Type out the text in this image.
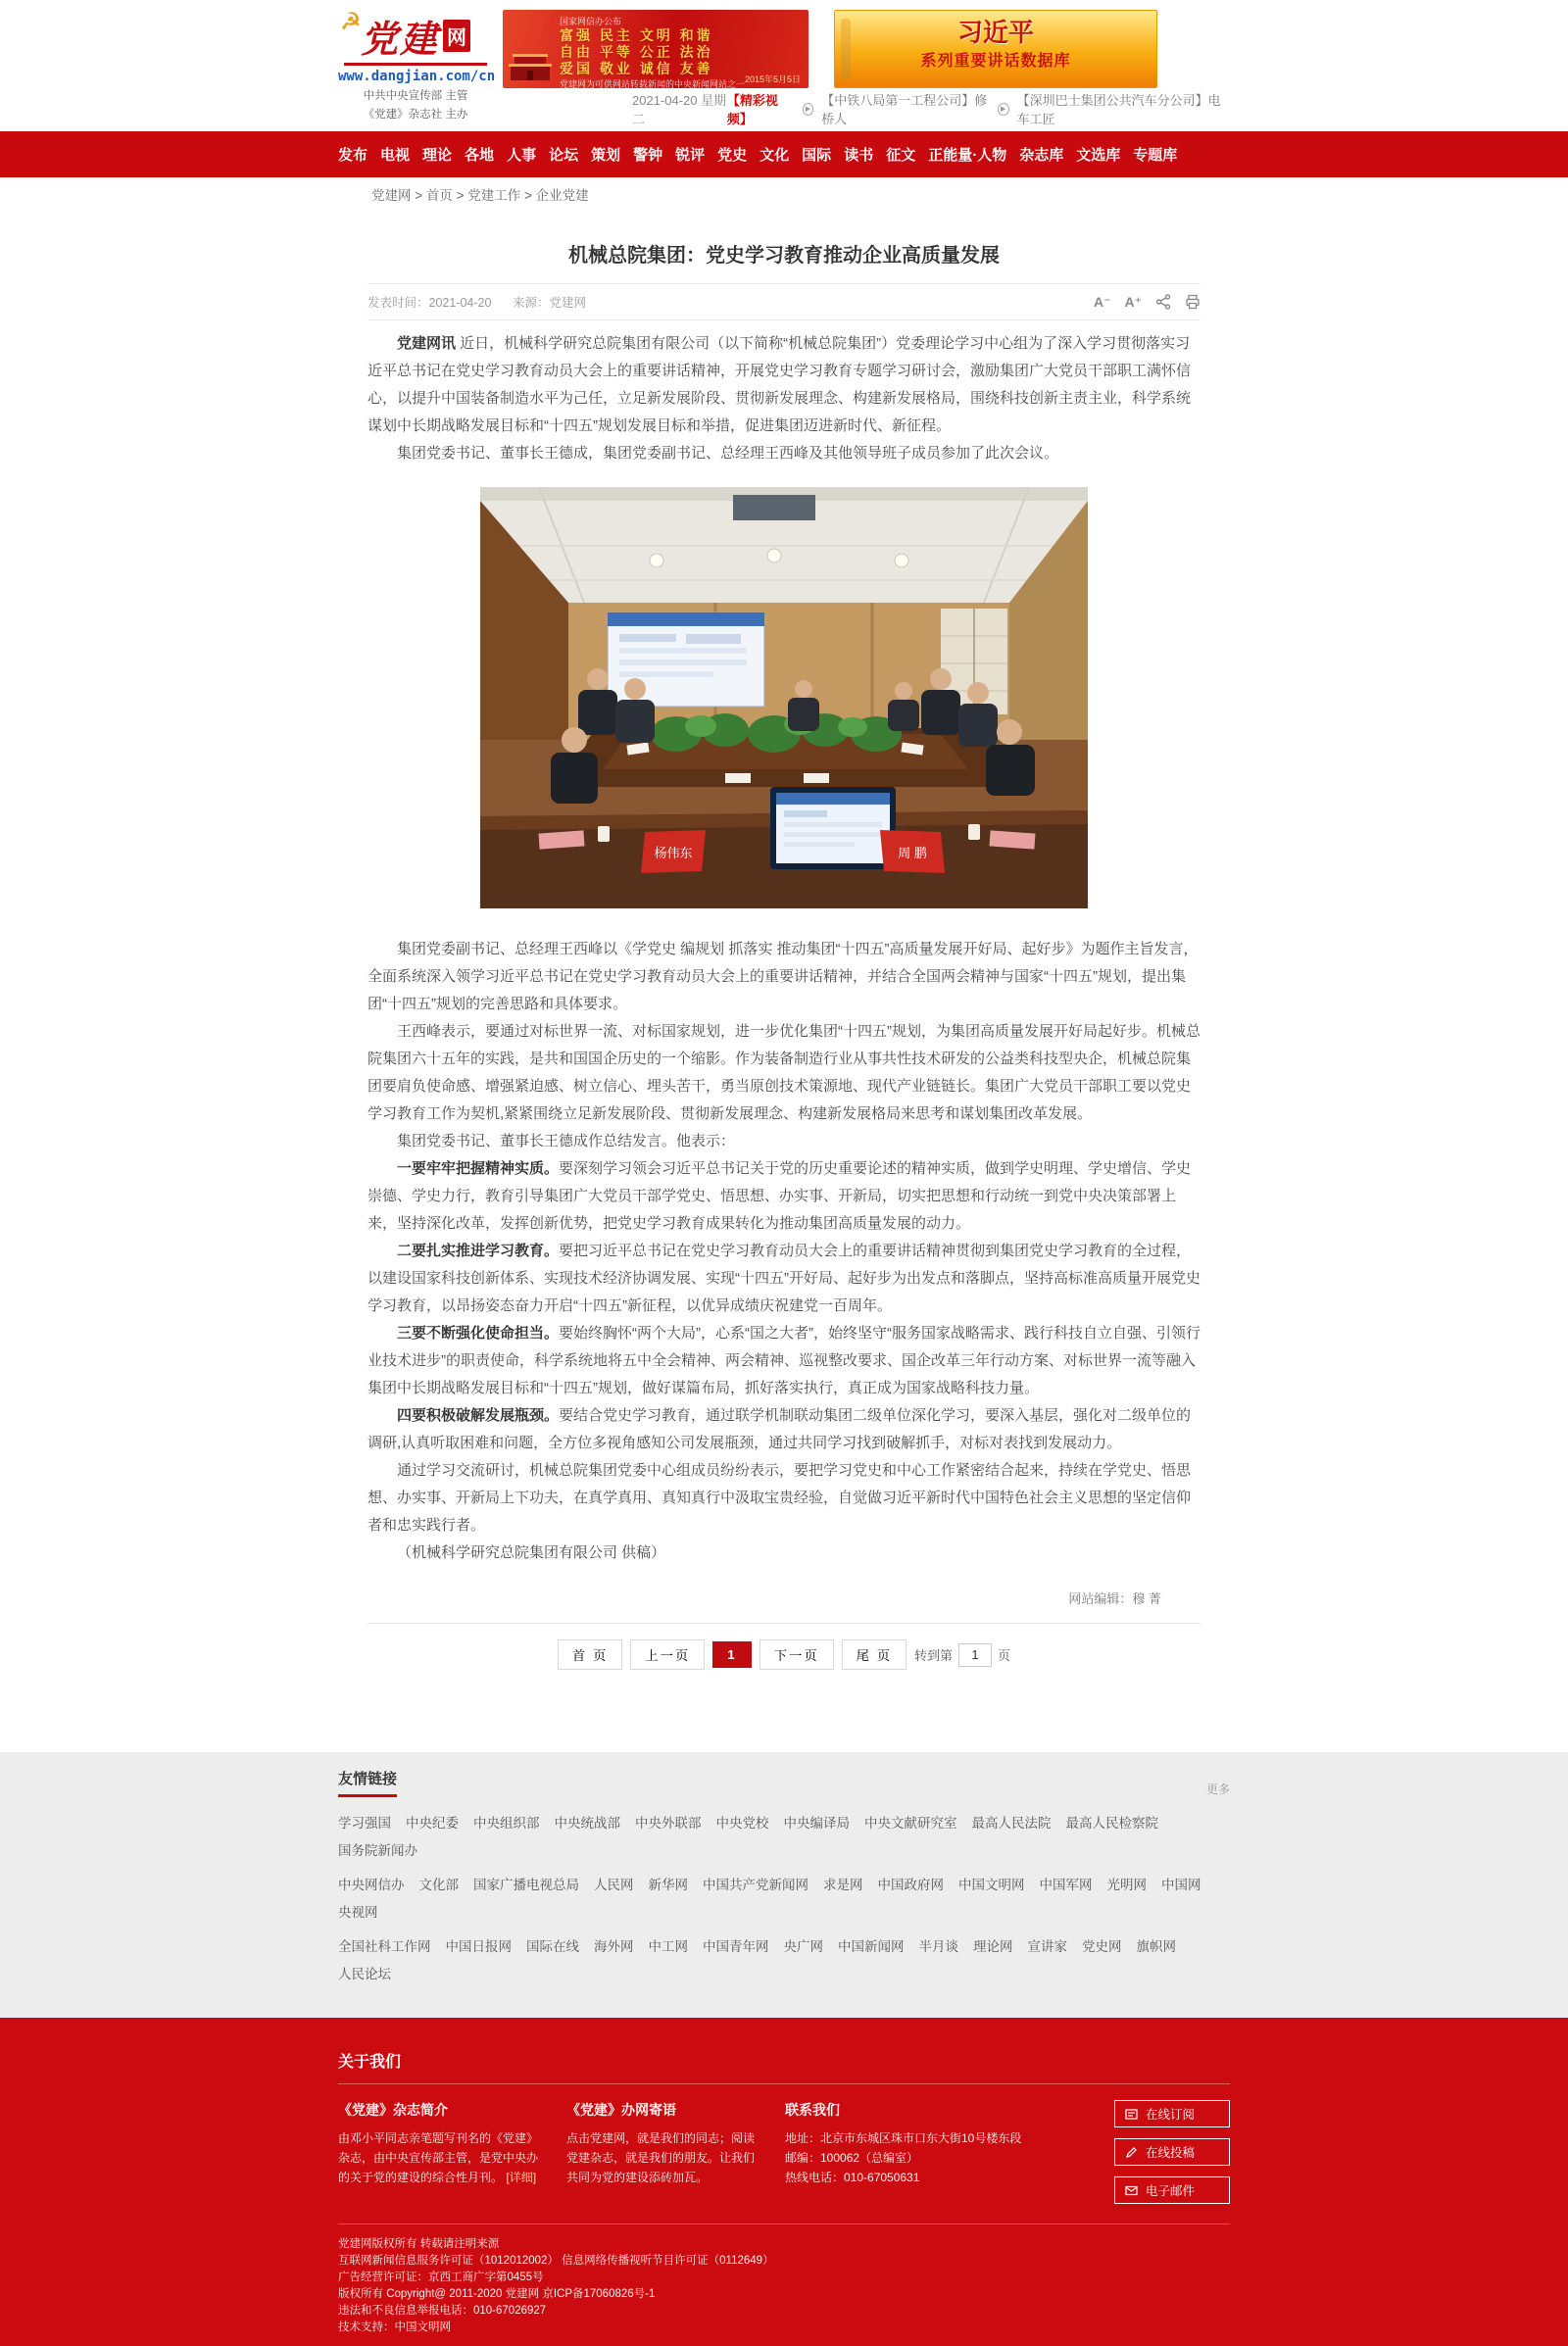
☭ 党建 网
www.dangjian.com/cn
中共中央宣传部 主管
《党建》杂志社 主办
国家网信办公布
富强 民主 文明 和谐
自由 平等 公正 法治
爱国 敬业 诚信 友善
党建网为可供网站转载新闻的中央新闻网站之一 2015年5月5日
习近平
系列重要讲话数据库
2021-04-20 星期二
【精彩视频】
▶
【中铁八局第一工程公司】修桥人
▶
【深圳巴士集团公共汽车分公司】电车工匠
发布 电视 理论 各地 人事 论坛 策划 警钟 锐评 党史 文化 国际 读书 征文 正能量·人物 杂志库 文选库 专题库
党建网 > 首页 > 党建工作 > 企业党建
机械总院集团：党史学习教育推动企业高质量发展
发表时间：2021-04-20 来源：党建网	A⁻ A⁺

党建网讯 近日，机械科学研究总院集团有限公司（以下简称“机械总院集团”）党委理论学习中心组为了深入学习贯彻落实习近平总书记在党史学习教育动员大会上的重要讲话精神，开展党史学习教育专题学习研讨会，激励集团广大党员干部职工满怀信心，以提升中国装备制造水平为己任，立足新发展阶段、贯彻新发展理念、构建新发展格局，围绕科技创新主责主业，科学系统谋划中长期战略发展目标和“十四五”规划发展目标和举措，促进集团迈进新时代、新征程。

集团党委书记、董事长王德成，集团党委副书记、总经理王西峰及其他领导班子成员参加了此次会议。

杨伟东	周 鹏

集团党委副书记、总经理王西峰以《学党史 编规划 抓落实 推动集团“十四五”高质量发展开好局、起好步》为题作主旨发言，全面系统深入领学习近平总书记在党史学习教育动员大会上的重要讲话精神，并结合全国两会精神与国家“十四五”规划，提出集团“十四五”规划的完善思路和具体要求。

王西峰表示，要通过对标世界一流、对标国家规划，进一步优化集团“十四五”规划，为集团高质量发展开好局起好步。机械总院集团六十五年的实践，是共和国国企历史的一个缩影。作为装备制造行业从事共性技术研发的公益类科技型央企，机械总院集团要肩负使命感、增强紧迫感、树立信心、埋头苦干，勇当原创技术策源地、现代产业链链长。集团广大党员干部职工要以党史学习教育工作为契机,紧紧围绕立足新发展阶段、贯彻新发展理念、构建新发展格局来思考和谋划集团改革发展。

集团党委书记、董事长王德成作总结发言。他表示：

一要牢牢把握精神实质。要深刻学习领会习近平总书记关于党的历史重要论述的精神实质，做到学史明理、学史增信、学史崇德、学史力行，教育引导集团广大党员干部学党史、悟思想、办实事、开新局，切实把思想和行动统一到党中央决策部署上来，坚持深化改革，发挥创新优势，把党史学习教育成果转化为推动集团高质量发展的动力。

二要扎实推进学习教育。要把习近平总书记在党史学习教育动员大会上的重要讲话精神贯彻到集团党史学习教育的全过程，以建设国家科技创新体系、实现技术经济协调发展、实现“十四五”开好局、起好步为出发点和落脚点，坚持高标准高质量开展党史学习教育，以昂扬姿态奋力开启“十四五”新征程，以优异成绩庆祝建党一百周年。

三要不断强化使命担当。要始终胸怀“两个大局”，心系“国之大者”，始终坚守“服务国家战略需求、践行科技自立自强、引领行业技术进步”的职责使命，科学系统地将五中全会精神、两会精神、巡视整改要求、国企改革三年行动方案、对标世界一流等融入集团中长期战略发展目标和“十四五”规划，做好谋篇布局，抓好落实执行，真正成为国家战略科技力量。

四要积极破解发展瓶颈。要结合党史学习教育，通过联学机制联动集团二级单位深化学习，要深入基层，强化对二级单位的调研,认真听取困难和问题，全方位多视角感知公司发展瓶颈，通过共同学习找到破解抓手，对标对表找到发展动力。

通过学习交流研讨，机械总院集团党委中心组成员纷纷表示，要把学习党史和中心工作紧密结合起来，持续在学党史、悟思想、办实事、开新局上下功夫，在真学真用、真知真行中汲取宝贵经验，自觉做习近平新时代中国特色社会主义思想的坚定信仰者和忠实践行者。

（机械科学研究总院集团有限公司 供稿）

网站编辑：穆 菁
首 页	上一页	1	下一页	尾 页	转到第
1	页
友情链接
更多
学习强国 中央纪委 中央组织部 中央统战部 中央外联部 中央党校 中央编译局 中央文献研究室 最高人民法院 最高人民检察院
国务院新闻办
中央网信办 文化部 国家广播电视总局 人民网 新华网 中国共产党新闻网 求是网 中国政府网 中国文明网 中国军网 光明网 中国网
央视网
全国社科工作网 中国日报网 国际在线 海外网 中工网 中国青年网 央广网 中国新闻网 半月谈 理论网 宣讲家 党史网 旗帜网
人民论坛
关于我们
《党建》杂志简介
由邓小平同志亲笔题写刊名的《党建》杂志，由中央宣传部主管，是党中央办的关于党的建设的综合性月刊。 [详细]
《党建》办网寄语
点击党建网，就是我们的同志；阅读党建杂志，就是我们的朋友。让我们共同为党的建设添砖加瓦。
联系我们
地址：北京市东城区珠市口东大街10号楼东段
邮编：100062（总编室）
热线电话：010-67050631
在线订阅
在线投稿
电子邮件
党建网版权所有 转载请注明来源
互联网新闻信息服务许可证（1012012002） 信息网络传播视听节目许可证（0112649）
广告经营许可证：京西工商广字第0455号
版权所有 Copyright@ 2011-2020 党建网 京ICP备17060826号-1
违法和不良信息举报电话：010-67026927
技术支持：中国文明网
